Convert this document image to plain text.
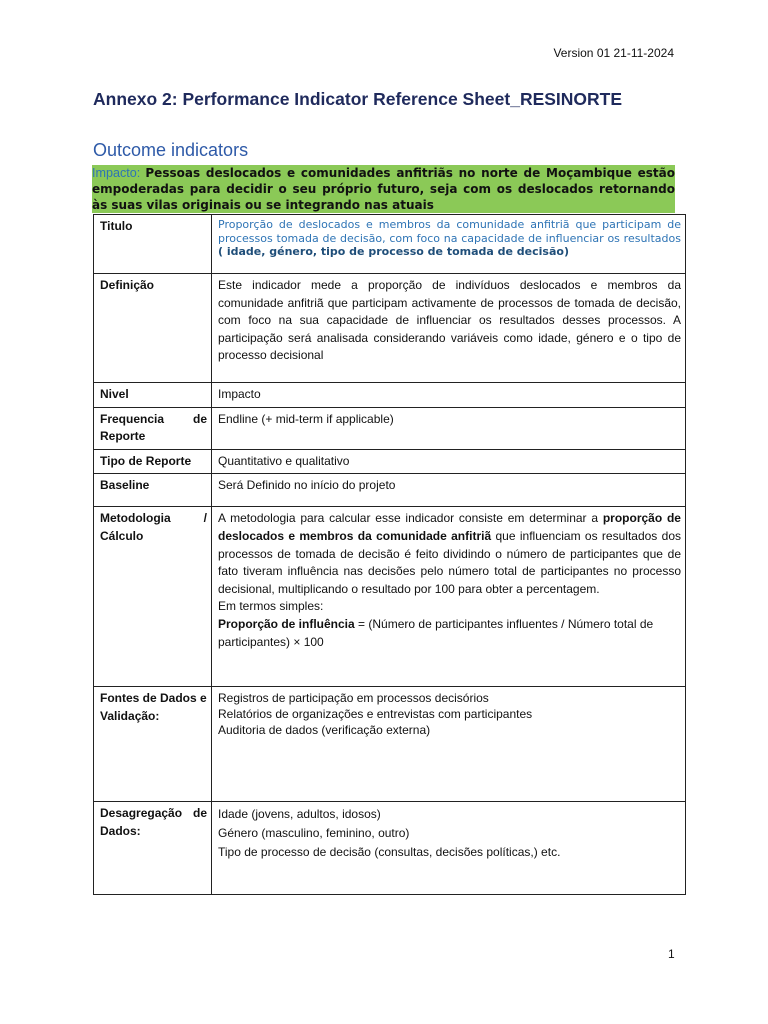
Version 01 21-11-2024
Annexo 2: Performance Indicator Reference Sheet_RESINORTE
Outcome indicators
Impacto: Pessoas deslocados e comunidades anfitriãs no norte de Moçambique estão empoderadas para decidir o seu próprio futuro, seja com os deslocados retornando às suas vilas originais ou se integrando nas atuais
Titulo	Proporção de deslocados e membros da comunidade anfitriã que participam de processos tomada de decisão, com foco na capacidade de influenciar os resultados ( idade, género, tipo de processo de tomada de decisão)
Definição	Este indicador mede a proporção de indivíduos deslocados e membros da comunidade anfitriã que participam activamente de processos de tomada de decisão, com foco na sua capacidade de influenciar os resultados desses processos. A participação será analisada considerando variáveis como idade, género e o tipo de processo decisional
Nivel	Impacto
Frequencia de Reporte	Endline (+ mid-term if applicable)
Tipo de Reporte	Quantitativo e qualitativo
Baseline	Será Definido no início do projeto
Metodologia / Cálculo	A metodologia para calcular esse indicador consiste em determinar a proporção de deslocados e membros da comunidade anfitriã que influenciam os resultados dos processos de tomada de decisão é feito dividindo o número de participantes que de fato tiveram influência nas decisões pelo número total de participantes no processo decisional, multiplicando o resultado por 100 para obter a percentagem.
Em termos simples:
Proporção de influência = (Número de participantes influentes / Número total de participantes) × 100

Fontes de Dados e Validação:	Registros de participação em processos decisórios
Relatórios de organizações e entrevistas com participantes
Auditoria de dados (verificação externa)

Desagregação de Dados:	Idade (jovens, adultos, idosos)
Género (masculino, feminino, outro)
Tipo de processo de decisão (consultas, decisões políticas,) etc.
1
